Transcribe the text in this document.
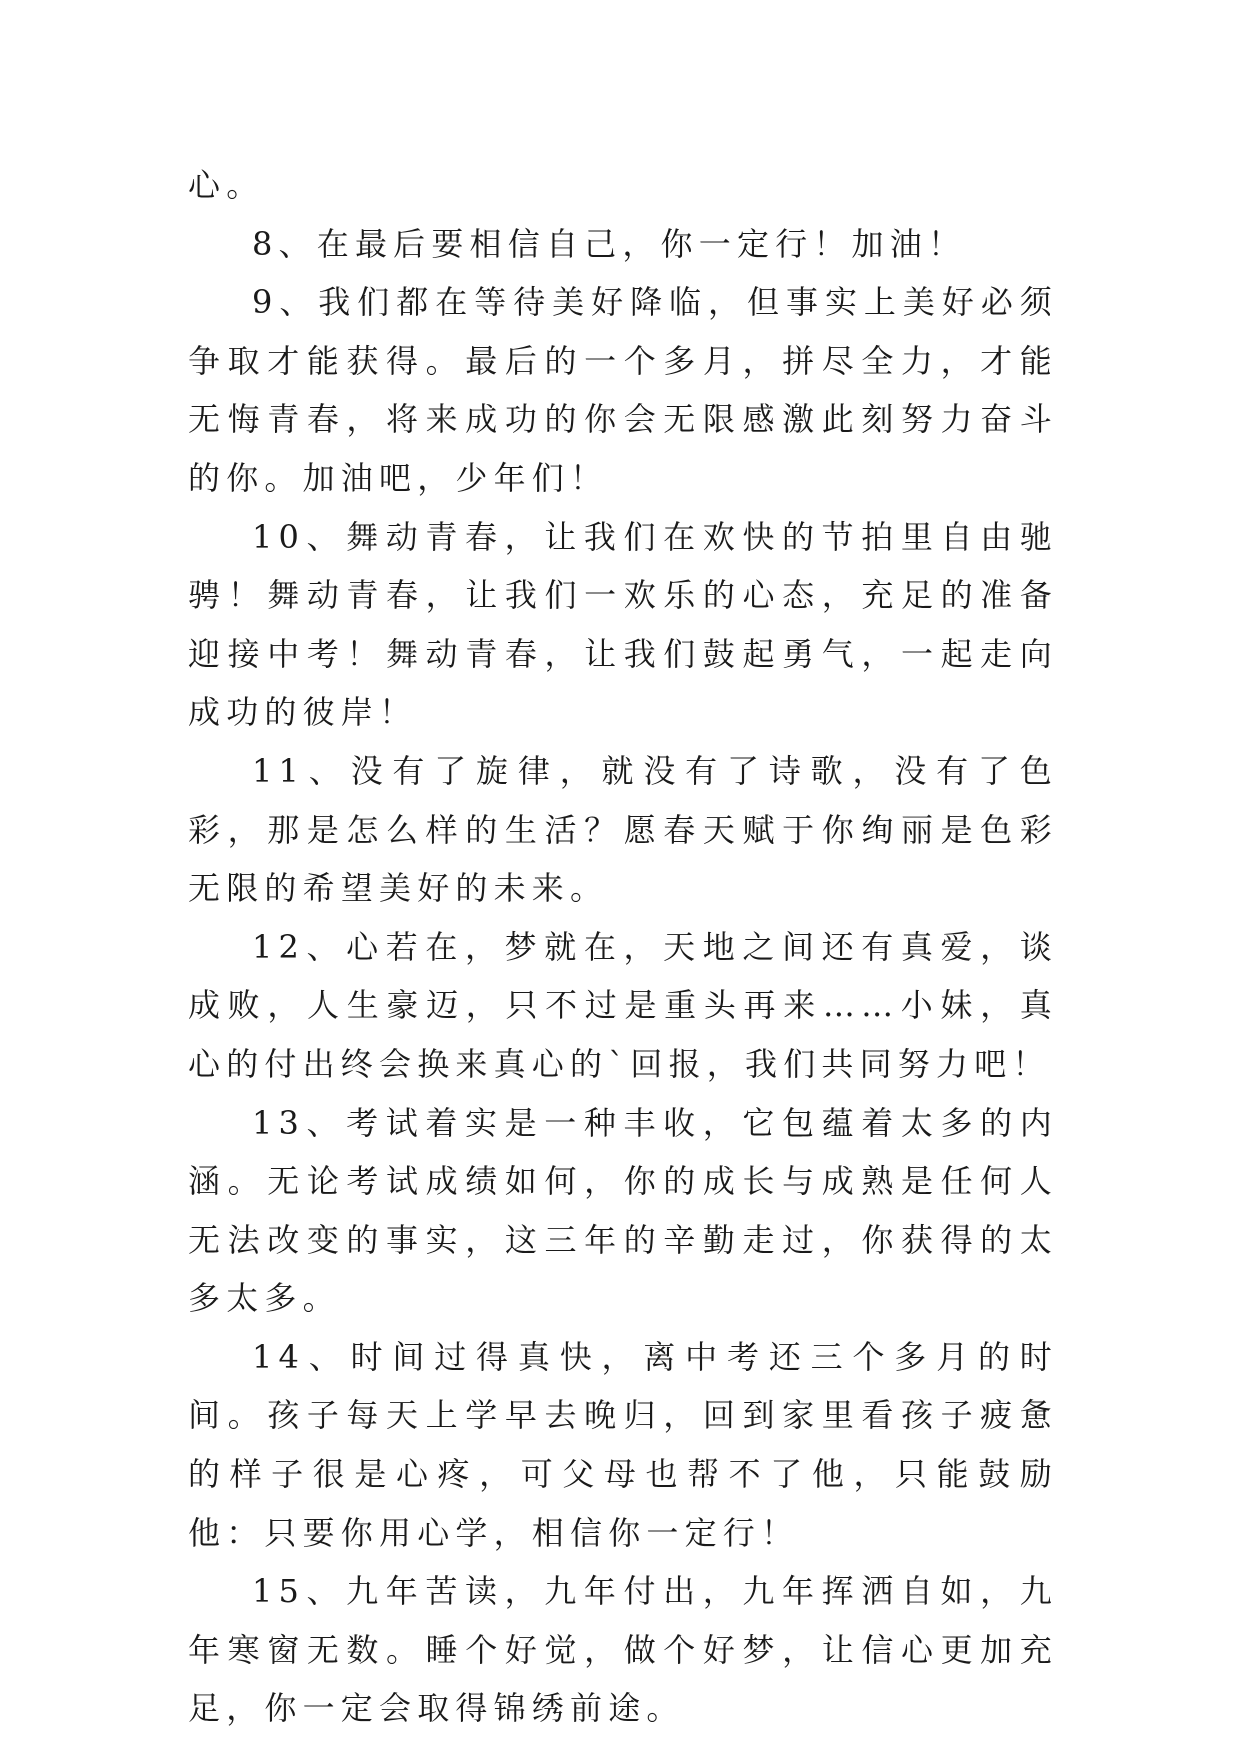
心。

8、在最后要相信自己，你一定行！加油！

9、我们都在等待美好降临，但事实上美好必须争取才能获得。最后的一个多月，拼尽全力，才能无悔青春，将来成功的你会无限感激此刻努力奋斗的你。加油吧，少年们！

10、舞动青春，让我们在欢快的节拍里自由驰骋！舞动青春，让我们一欢乐的心态，充足的准备迎接中考！舞动青春，让我们鼓起勇气，一起走向成功的彼岸！

11、没有了旋律，就没有了诗歌，没有了色彩，那是怎么样的生活？愿春天赋于你绚丽是色彩无限的希望美好的未来。

12、心若在，梦就在，天地之间还有真爱，谈成败，人生豪迈，只不过是重头再来……小妹，真心的付出终会换来真心的`回报，我们共同努力吧！

13、考试着实是一种丰收，它包蕴着太多的内涵。无论考试成绩如何，你的成长与成熟是任何人无法改变的事实，这三年的辛勤走过，你获得的太多太多。

14、时间过得真快，离中考还三个多月的时间。孩子每天上学早去晚归，回到家里看孩子疲惫的样子很是心疼，可父母也帮不了他，只能鼓励他：只要你用心学，相信你一定行！

15、九年苦读，九年付出，九年挥洒自如，九年寒窗无数。睡个好觉，做个好梦，让信心更加充足，你一定会取得锦绣前途。
